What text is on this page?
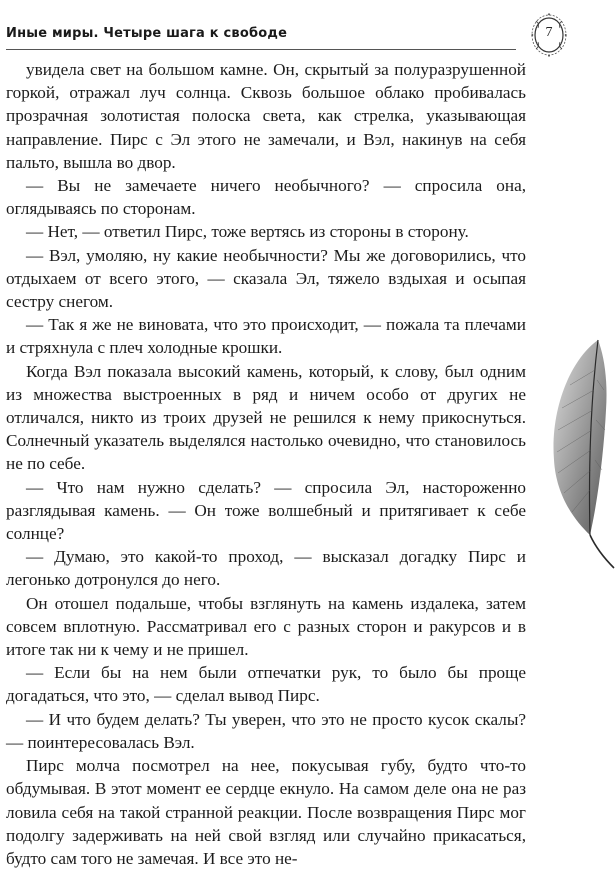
Иные миры. Четыре шага к свободе	7

увидела свет на большом камне. Он, скрытый за полуразрушенной горкой, отражал луч солнца. Сквозь большое облако пробивалась прозрачная золотистая полоска света, как стрелка, указывающая направление. Пирс с Эл этого не замечали, и Вэл, накинув на себя пальто, вышла во двор.

— Вы не замечаете ничего необычного? — спросила она, оглядываясь по сторонам.

— Нет, — ответил Пирс, тоже вертясь из стороны в сторону.

— Вэл, умоляю, ну какие необычности? Мы же договорились, что отдыхаем от всего этого, — сказала Эл, тяжело вздыхая и осыпая сестру снегом.

— Так я же не виновата, что это происходит, — пожала та плечами и стряхнула с плеч холодные крошки.

Когда Вэл показала высокий камень, который, к слову, был одним из множества выстроенных в ряд и ничем особо от других не отличался, никто из троих друзей не решился к нему прикоснуться. Солнечный указатель выделялся настолько очевидно, что становилось не по себе.

— Что нам нужно сделать? — спросила Эл, настороженно разглядывая камень. — Он тоже волшебный и притягивает к себе солнце?

— Думаю, это какой-то проход, — высказал догадку Пирс и легонько дотронулся до него.

Он отошел подальше, чтобы взглянуть на камень издалека, затем совсем вплотную. Рассматривал его с разных сторон и ракурсов и в итоге так ни к чему и не пришел.

— Если бы на нем были отпечатки рук, то было бы проще догадаться, что это, — сделал вывод Пирс.

— И что будем делать? Ты уверен, что это не просто кусок скалы? — поинтересовалась Вэл.

Пирс молча посмотрел на нее, покусывая губу, будто что-то обдумывая. В этот момент ее сердце екнуло. На самом деле она не раз ловила себя на такой странной реакции. После возвращения Пирс мог подолгу задерживать на ней свой взгляд или случайно прикасаться, будто сам того не замечая. И все это не-
